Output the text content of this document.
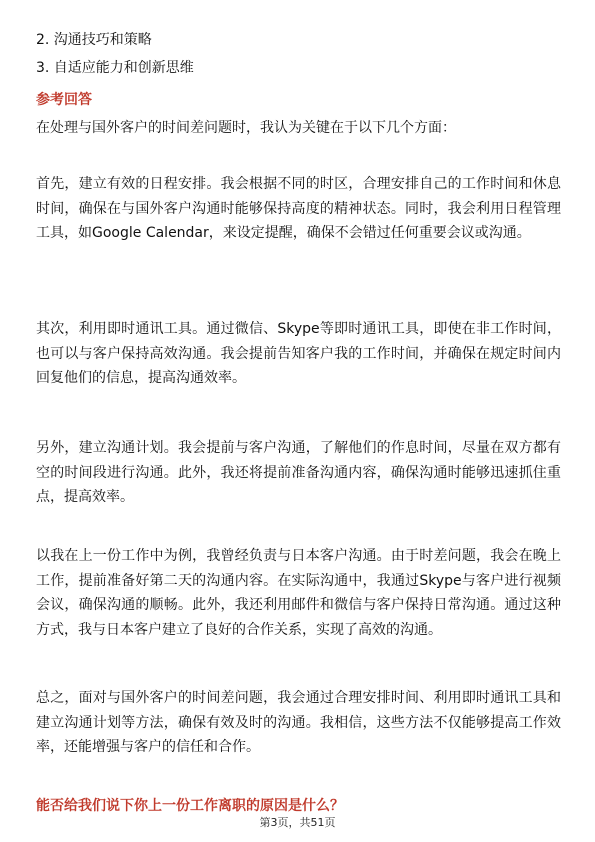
2. 沟通技巧和策略
3. 自适应能力和创新思维
参考回答
在处理与国外客户的时间差问题时，我认为关键在于以下几个方面：
首先，建立有效的日程安排。我会根据不同的时区，合理安排自己的工作时间和休息时间，确保在与国外客户沟通时能够保持高度的精神状态。同时，我会利用日程管理工具，如Google Calendar，来设定提醒，确保不会错过任何重要会议或沟通。
其次，利用即时通讯工具。通过微信、Skype等即时通讯工具，即使在非工作时间，也可以与客户保持高效沟通。我会提前告知客户我的工作时间，并确保在规定时间内回复他们的信息，提高沟通效率。
另外，建立沟通计划。我会提前与客户沟通，了解他们的作息时间，尽量在双方都有空的时间段进行沟通。此外，我还将提前准备沟通内容，确保沟通时能够迅速抓住重点，提高效率。
以我在上一份工作中为例，我曾经负责与日本客户沟通。由于时差问题，我会在晚上工作，提前准备好第二天的沟通内容。在实际沟通中，我通过Skype与客户进行视频会议，确保沟通的顺畅。此外，我还利用邮件和微信与客户保持日常沟通。通过这种方式，我与日本客户建立了良好的合作关系，实现了高效的沟通。
总之，面对与国外客户的时间差问题，我会通过合理安排时间、利用即时通讯工具和建立沟通计划等方法，确保有效及时的沟通。我相信，这些方法不仅能够提高工作效率，还能增强与客户的信任和合作。
能否给我们说下你上一份工作离职的原因是什么？
第3页，共51页
